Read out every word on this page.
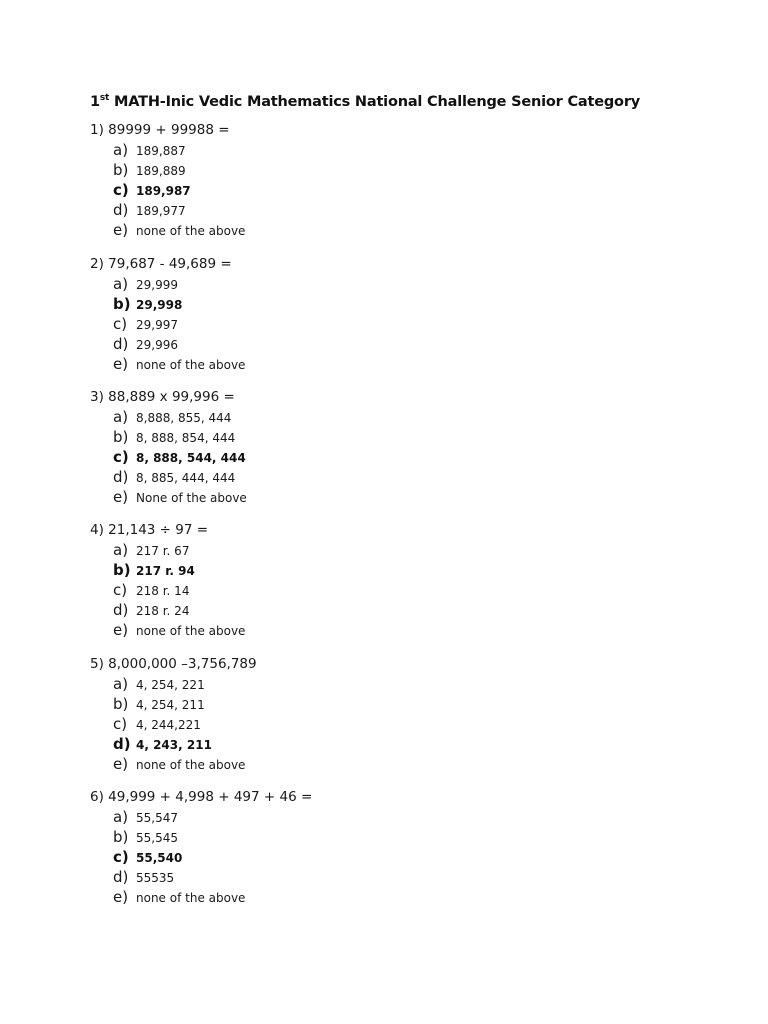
1st MATH-Inic Vedic Mathematics National Challenge Senior Category
1) 89999 + 99988 =
a) 189,887
b) 189,889
c) 189,987
d) 189,977
e) none of the above
2) 79,687 - 49,689 =
a) 29,999
b) 29,998
c) 29,997
d) 29,996
e) none of the above
3) 88,889 x 99,996 =
a) 8,888, 855, 444
b) 8, 888, 854, 444
c) 8, 888, 544, 444
d) 8, 885, 444, 444
e) None of the above
4) 21,143 ÷ 97 =
a) 217 r. 67
b) 217 r. 94
c) 218 r. 14
d) 218 r. 24
e) none of the above
5) 8,000,000 –3,756,789
a) 4, 254, 221
b) 4, 254, 211
c) 4, 244,221
d) 4, 243, 211
e) none of the above
6) 49,999 + 4,998 + 497 + 46 =
a) 55,547
b) 55,545
c) 55,540
d) 55535
e) none of the above
